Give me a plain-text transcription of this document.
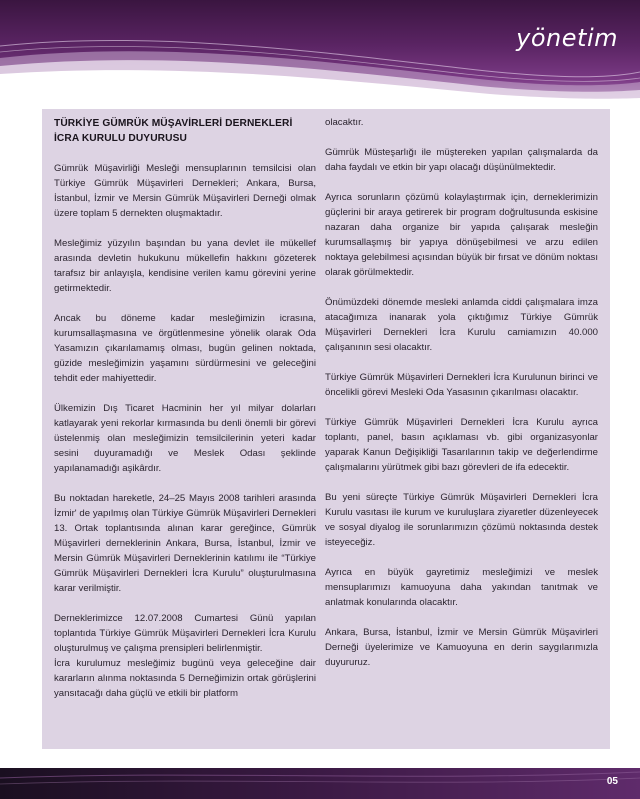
yönetim
TÜRKİYE GÜMRÜK MÜŞAVİRLERİ DERNEKLERİ
İCRA KURULU DUYURUSU

Gümrük Müşavirliği Mesleği mensuplarının temsilcisi olan Türkiye Gümrük Müşavirleri Dernekleri; Ankara, Bursa, İstanbul, İzmir ve Mersin Gümrük Müşavirleri Derneği olmak üzere toplam 5 dernekten oluşmaktadır.

Mesleğimiz yüzyılın başından bu yana devlet ile mükellef arasında devletin hukukunu mükellefin hakkını gözeterek tarafsız bir anlayışla, kendisine verilen kamu görevini yerine getirmektedir.

Ancak bu döneme kadar mesleğimizin icrasına, kurumsallaşmasına ve örgütlenmesine yönelik olarak Oda Yasamızın çıkarılamamış olması, bugün gelinen noktada, güzide mesleğimizin yaşamını sürdürmesini ve geleceğini tehdit eder mahiyettedir.

Ülkemizin Dış Ticaret Hacminin her yıl milyar dolarları katlayarak yeni rekorlar kırmasında bu denli önemli bir görevi üstelenmiş olan mesleğimizin temsilcilerinin yeteri kadar sesini duyuramadığı ve Meslek Odası şeklinde yapılanamadığı aşikârdır.

Bu noktadan hareketle, 24–25 Mayıs 2008 tarihleri arasında İzmir' de yapılmış olan Türkiye Gümrük Müşavirleri Dernekleri 13. Ortak toplantısında alınan karar gereğince, Gümrük Müşavirleri derneklerinin Ankara, Bursa, İstanbul, İzmir ve Mersin Gümrük Müşavirleri Derneklerinin katılımı ile “Türkiye Gümrük Müşavirleri Dernekleri İcra Kurulu” oluşturulmasına karar verilmiştir.

Derneklerimizce 12.07.2008 Cumartesi Günü yapılan toplantıda Türkiye Gümrük Müşavirleri Dernekleri İcra Kurulu oluşturulmuş ve çalışma prensipleri belirlenmiştir.

İcra kurulumuz mesleğimiz bugünü veya geleceğine dair kararların alınma noktasında 5 Derneğimizin ortak görüşlerini yansıtacağı daha güçlü ve etkili bir platform

olacaktır.

Gümrük Müsteşarlığı ile müştereken yapılan çalışmalarda da daha faydalı ve etkin bir yapı olacağı düşünülmektedir.

Ayrıca sorunların çözümü kolaylaştırmak için, derneklerimizin güçlerini bir araya getirerek bir program doğrultusunda eskisine nazaran daha organize bir yapıda çalışarak mesleğin kurumsallaşmış bir yapıya dönüşebilmesi ve arzu edilen noktaya gelebilmesi açısından büyük bir fırsat ve dönüm noktası olarak görülmektedir.

Önümüzdeki dönemde mesleki anlamda ciddi çalışmalara imza atacağımıza inanarak yola çıktığımız Türkiye Gümrük Müşavirleri Dernekleri İcra Kurulu camiamızın 40.000 çalışanının sesi olacaktır.

Türkiye Gümrük Müşavirleri Dernekleri İcra Kurulunun birinci ve öncelikli görevi Mesleki Oda Yasasının çıkarılması olacaktır.

Türkiye Gümrük Müşavirleri Dernekleri İcra Kurulu ayrıca toplantı, panel, basın açıklaması vb. gibi organizasyonlar yaparak Kanun Değişikliği Tasarılarının takip ve değerlendirme çalışmalarını yürütmek gibi bazı görevleri de ifa edecektir.

Bu yeni süreçte Türkiye Gümrük Müşavirleri Dernekleri İcra Kurulu vasıtası ile kurum ve kuruluşlara ziyaretler düzenleyecek ve sosyal diyalog ile sorunlarımızın çözümü noktasında destek isteyeceğiz.

Ayrıca en büyük gayretimiz mesleğimizi ve meslek mensuplarımızı kamuoyuna daha yakından tanıtmak ve anlatmak konularında olacaktır.

Ankara, Bursa, İstanbul, İzmir ve Mersin Gümrük Müşavirleri Derneği üyelerimize ve Kamuoyuna en derin saygılarımızla duyururuz.

05
